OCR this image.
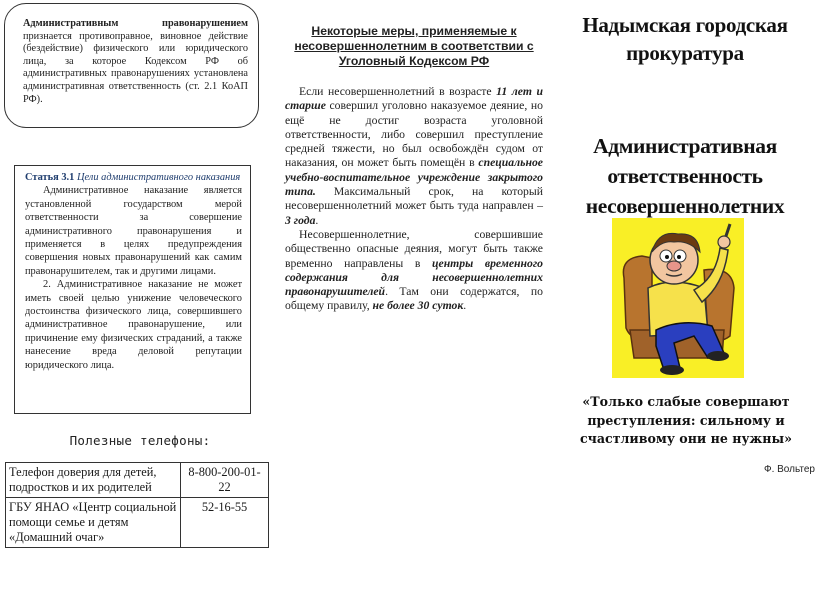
Административным правонарушением признается противоправное, виновное действие (бездействие) физического или юридического лица, за которое Кодексом РФ об административных правонарушениях установлена административная ответственность (ст. 2.1 КоАП РФ).
Статья 3.1 Цели административного наказания

Административное наказание является установленной государством мерой ответственности за совершение административного правонарушения и применяется в целях предупреждения совершения новых правонарушений как самим правонарушителем, так и другими лицами.

2. Административное наказание не может иметь своей целью унижение человеческого достоинства физического лица, совершившего административное правонарушение, или причинение ему физических страданий, а также нанесение вреда деловой репутации юридического лица.

Полезные телефоны:
Телефон доверия для детей, подростков и их родителей	8-800-200-01-22
ГБУ ЯНАО «Центр социальной помощи семье и детям «Домашний очаг»	52-16-55
Некоторые меры, применяемые к несовершеннолетним в соответствии с Уголовный Кодексом РФ

Если несовершеннолетний в возрасте 11 лет и старше совершил уголовно наказуемое деяние, но ещё не достиг возраста уголовной ответственности, либо совершил преступление средней тяжести, но был освобождён судом от наказания, он может быть помещён в специальное учебно-воспитательное учреждение закрытого типа. Максимальный срок, на который несовершеннолетний может быть туда направлен – 3 года.

Несовершеннолетние, совершившие общественно опасные деяния, могут быть также временно направлены в центры временного содержания для несовершеннолетних правонарушителей. Там они содержатся, по общему правилу, не более 30 суток.

Надымская городская прокуратура
Административная ответственность несовершеннолетних
«Только слабые совершают преступления: сильному и счастливому они не нужны»
Ф. Вольтер
